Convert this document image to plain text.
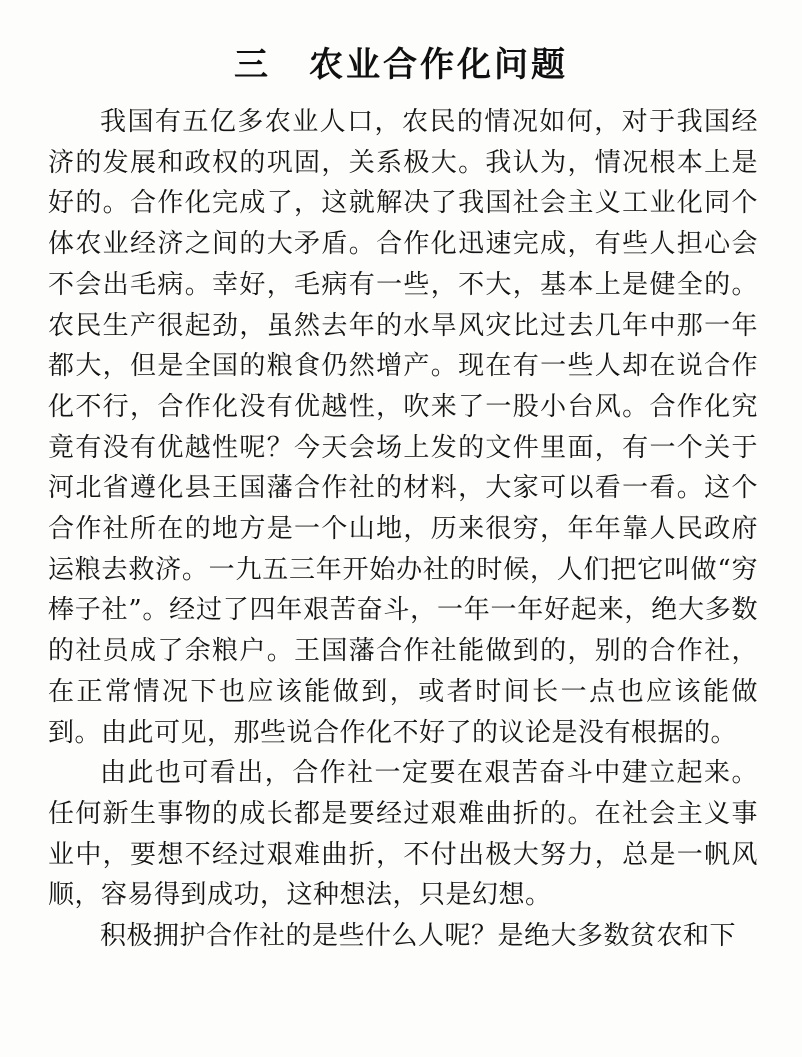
三 农业合作化问题

我国有五亿多农业人口，农民的情况如何，对于我国经济的发展和政权的巩固，关系极大。我认为，情况根本上是好的。合作化完成了，这就解决了我国社会主义工业化同个体农业经济之间的大矛盾。合作化迅速完成，有些人担心会不会出毛病。幸好，毛病有一些，不大，基本上是健全的。农民生产很起劲，虽然去年的水旱风灾比过去几年中那一年都大，但是全国的粮食仍然增产。现在有一些人却在说合作化不行，合作化没有优越性，吹来了一股小台风。合作化究竟有没有优越性呢？今天会场上发的文件里面，有一个关于河北省遵化县王国藩合作社的材料，大家可以看一看。这个合作社所在的地方是一个山地，历来很穷，年年靠人民政府运粮去救济。一九五三年开始办社的时候，人们把它叫做“穷棒子社”。经过了四年艰苦奋斗，一年一年好起来，绝大多数的社员成了余粮户。王国藩合作社能做到的，别的合作社，在正常情况下也应该能做到，或者时间长一点也应该能做到。由此可见，那些说合作化不好了的议论是没有根据的。

由此也可看出，合作社一定要在艰苦奋斗中建立起来。任何新生事物的成长都是要经过艰难曲折的。在社会主义事业中，要想不经过艰难曲折，不付出极大努力，总是一帆风顺，容易得到成功，这种想法，只是幻想。

积极拥护合作社的是些什么人呢？是绝大多数贫农和下
